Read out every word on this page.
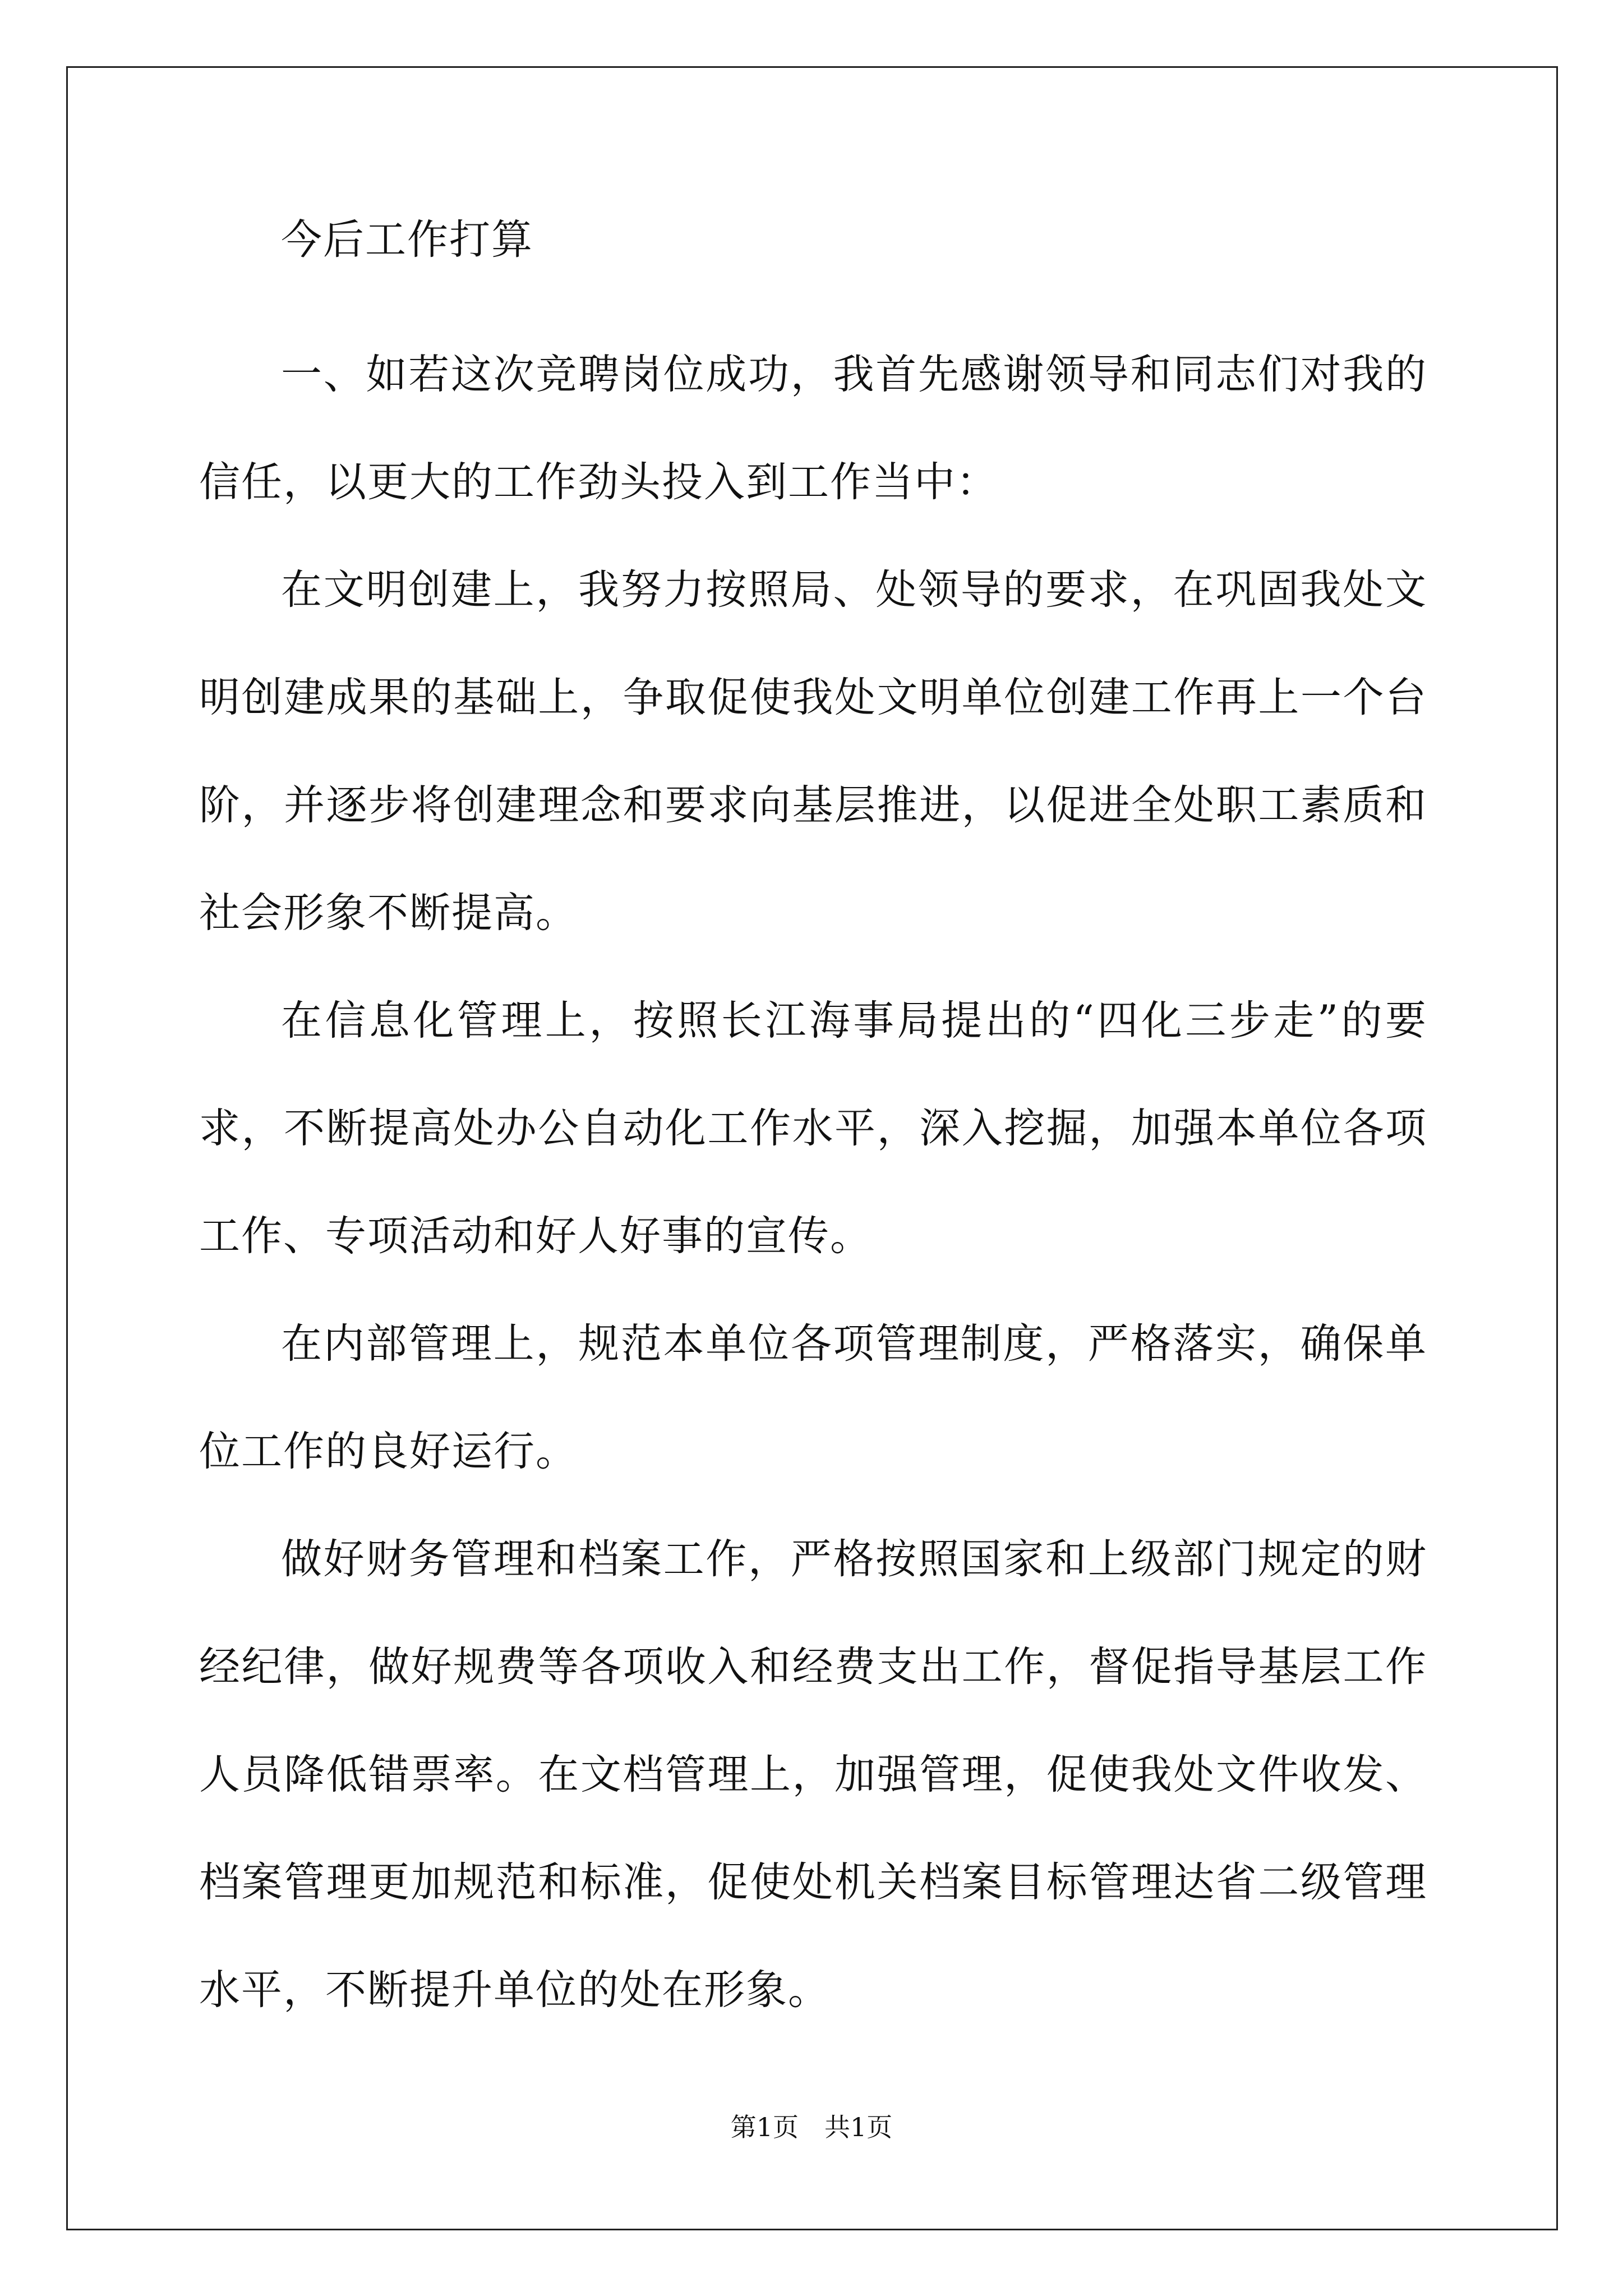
今后工作打算

一、如若这次竞聘岗位成功，我首先感谢领导和同志们对我的信任，以更大的工作劲头投入到工作当中：

在文明创建上，我努力按照局、处领导的要求，在巩固我处文明创建成果的基础上，争取促使我处文明单位创建工作再上一个台阶，并逐步将创建理念和要求向基层推进，以促进全处职工素质和社会形象不断提高。

在信息化管理上，按照长江海事局提出的“四化三步走”的要求，不断提高处办公自动化工作水平，深入挖掘，加强本单位各项工作、专项活动和好人好事的宣传。

在内部管理上，规范本单位各项管理制度，严格落实，确保单位工作的良好运行。

做好财务管理和档案工作，严格按照国家和上级部门规定的财经纪律，做好规费等各项收入和经费支出工作，督促指导基层工作人员降低错票率。在文档管理上，加强管理，促使我处文件收发、档案管理更加规范和标准，促使处机关档案目标管理达省二级管理水平，不断提升单位的处在形象。

第1页　共1页
